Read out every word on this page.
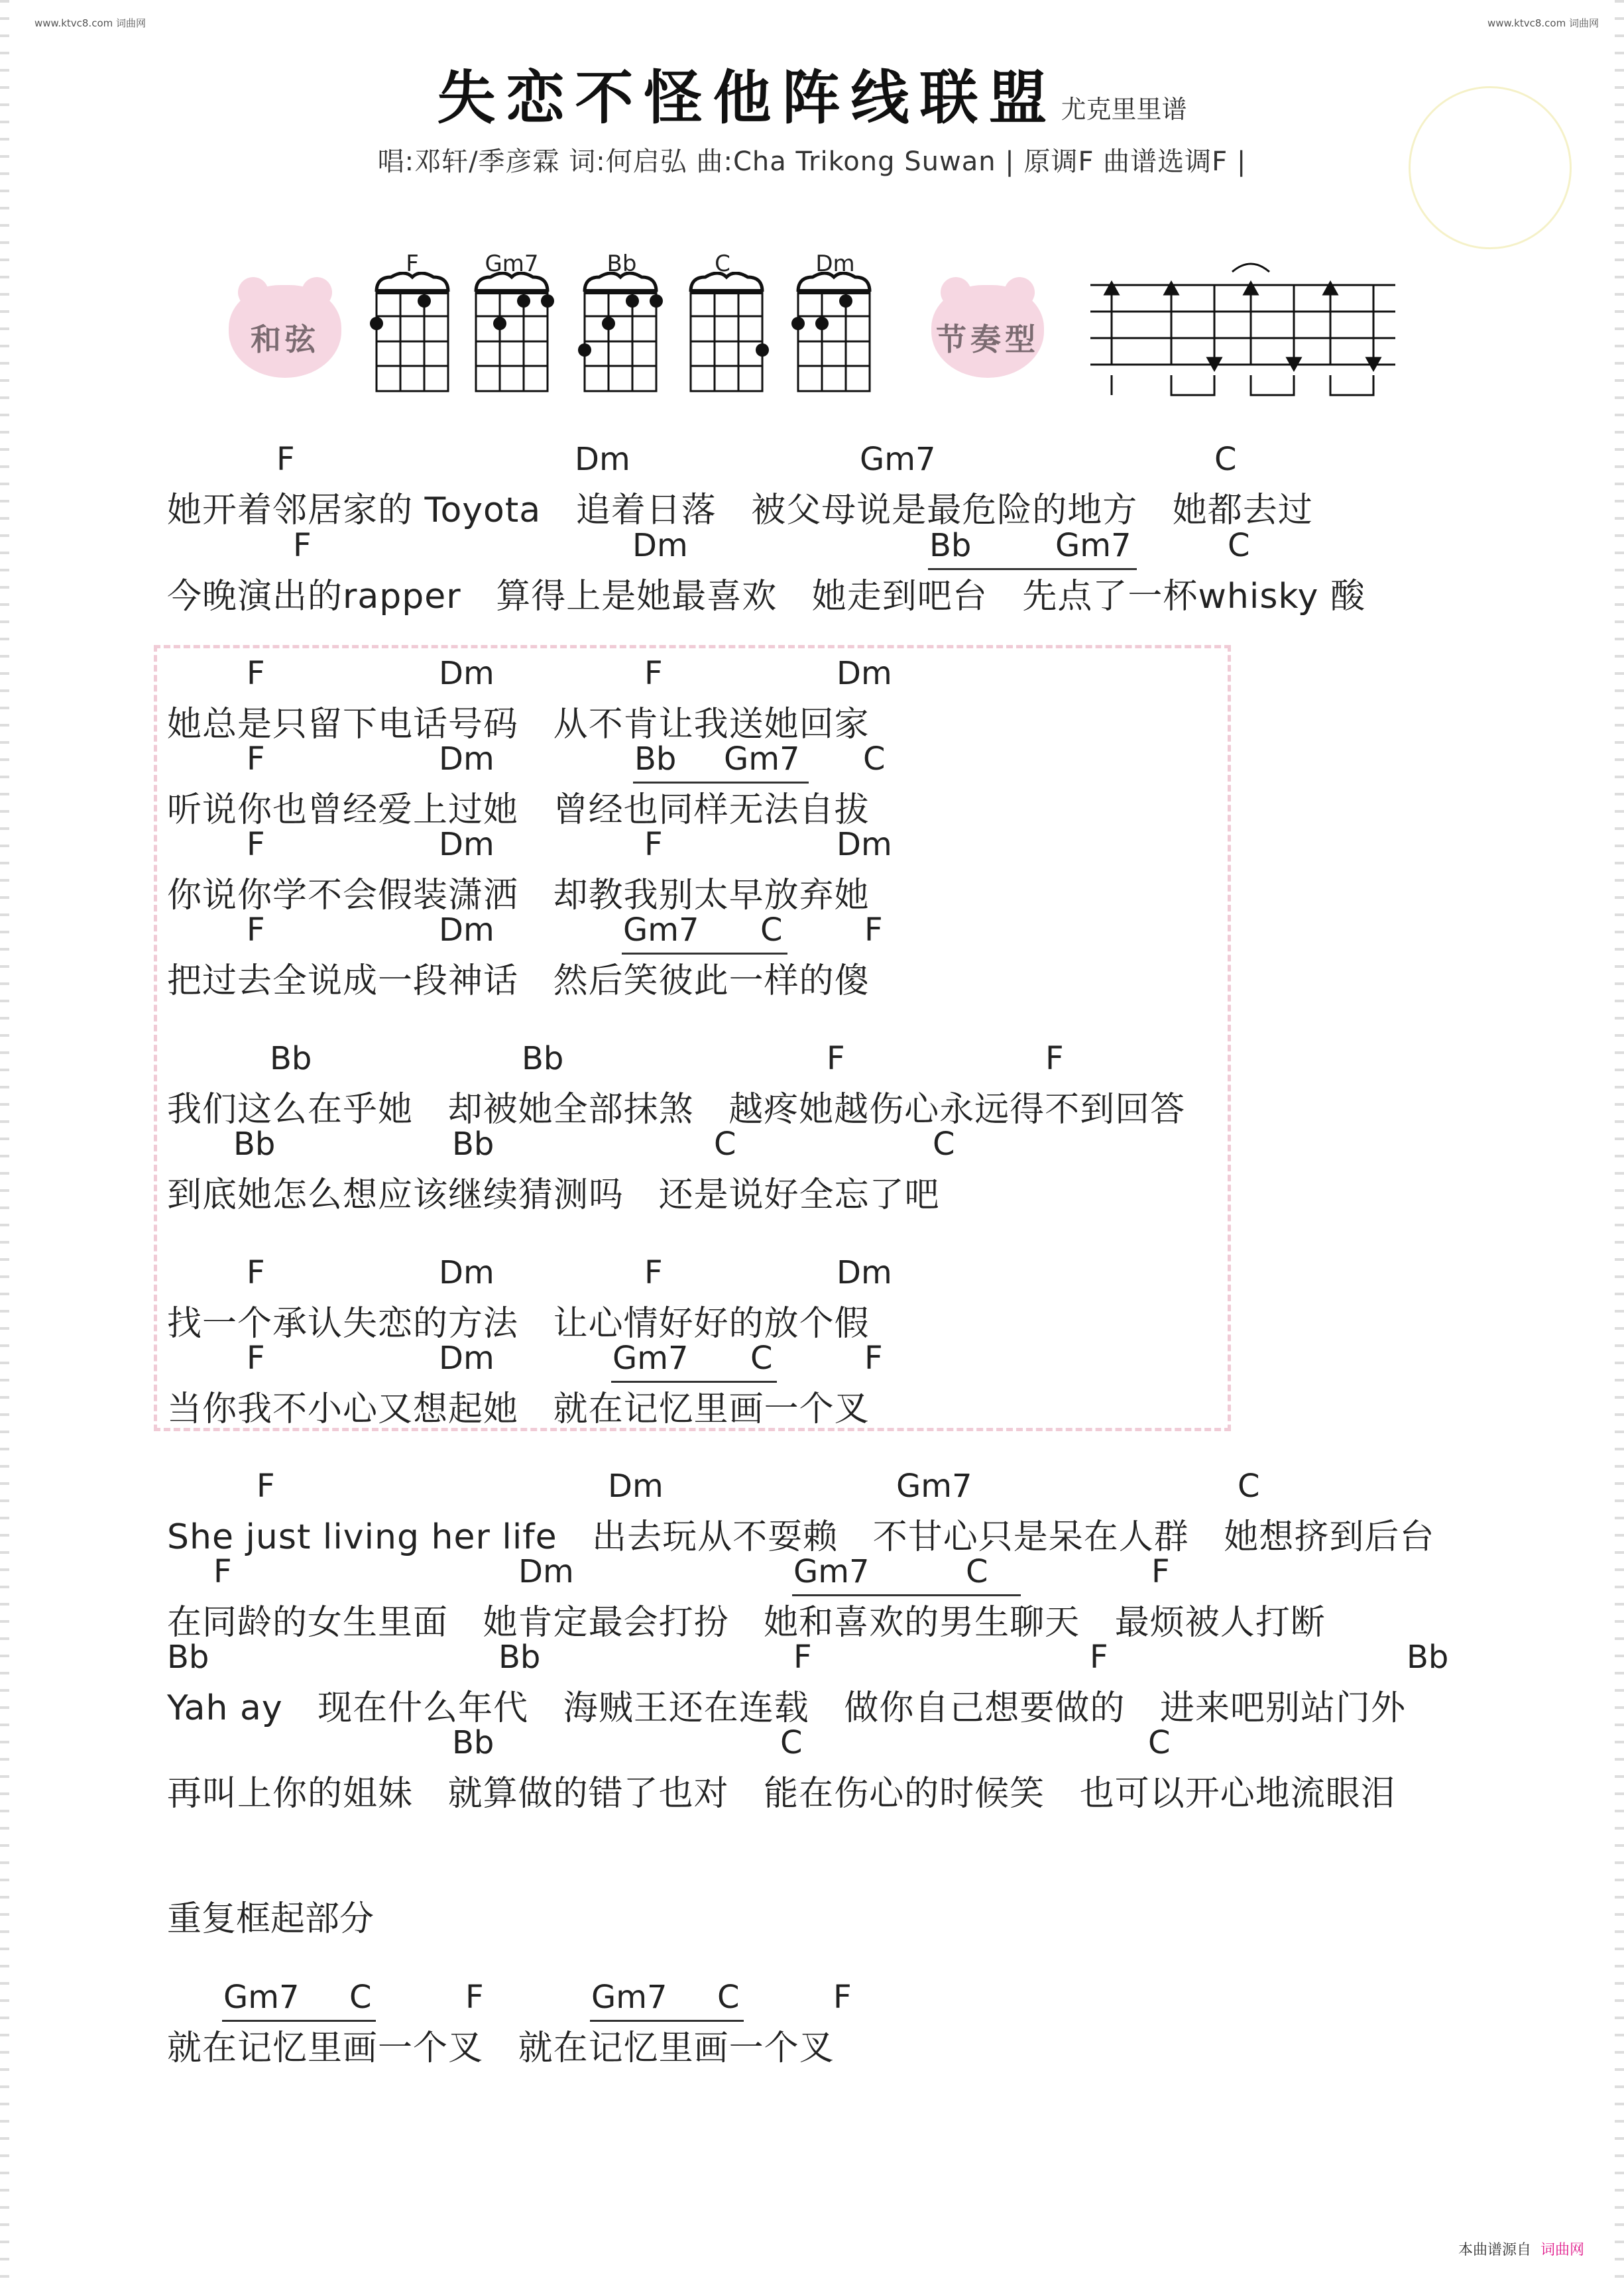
www.ktvc8.com 词曲网	www.ktvc8.com 词曲网
失恋不怪他阵线联盟 尤克里里谱
唱:邓轩/季彦霖 词:何启弘 曲:Cha Trikong Suwan | 原调F 曲谱选调F |
和弦	节奏型
F	Gm7	Bb	C	Dm

F

	Dm

	Gm7

	C

她开着邻居家的 Toyota   追着日落   被父母说是最危险的地方   她都去过

F

	Dm

	Bb

	Gm7

	C

今晚演出的rapper   算得上是她最喜欢   她走到吧台   先点了一杯whisky 酸

F

	Dm

	F

	Dm

她总是只留下电话号码   从不肯让我送她回家

F

	Dm

	Bb

Gm7

C

听说你也曾经爱上过她   曾经也同样无法自拔

F

	Dm

	F

	Dm

你说你学不会假装潇洒   却教我别太早放弃她

F

	Dm

	Gm7

C

	F

把过去全说成一段神话   然后笑彼此一样的傻

Bb

	Bb

	F

	F

我们这么在乎她   却被她全部抹煞   越疼她越伤心永远得不到回答

Bb

	Bb

	C

	C

到底她怎么想应该继续猜测吗   还是说好全忘了吧

F

	Dm

	F

	Dm

找一个承认失恋的方法   让心情好好的放个假

F

	Dm

	Gm7

C

	F

当你我不小心又想起她   就在记忆里画一个叉

F

	Dm

	Gm7

	C

She just living her life   出去玩从不耍赖   不甘心只是呆在人群   她想挤到后台

F

	Dm

	Gm7

	C

	F

在同龄的女生里面   她肯定最会打扮   她和喜欢的男生聊天   最烦被人打断

Bb

	Bb

	F

	F

	Bb

Yah ay   现在什么年代   海贼王还在连载   做你自己想要做的   进来吧别站门外

Bb

	C

	C

再叫上你的姐妹   就算做的错了也对   能在伤心的时候笑   也可以开心地流眼泪

重复框起部分

Gm7

C

	F

	Gm7

C

	F

就在记忆里画一个叉   就在记忆里画一个叉

本曲谱源自 词曲网
